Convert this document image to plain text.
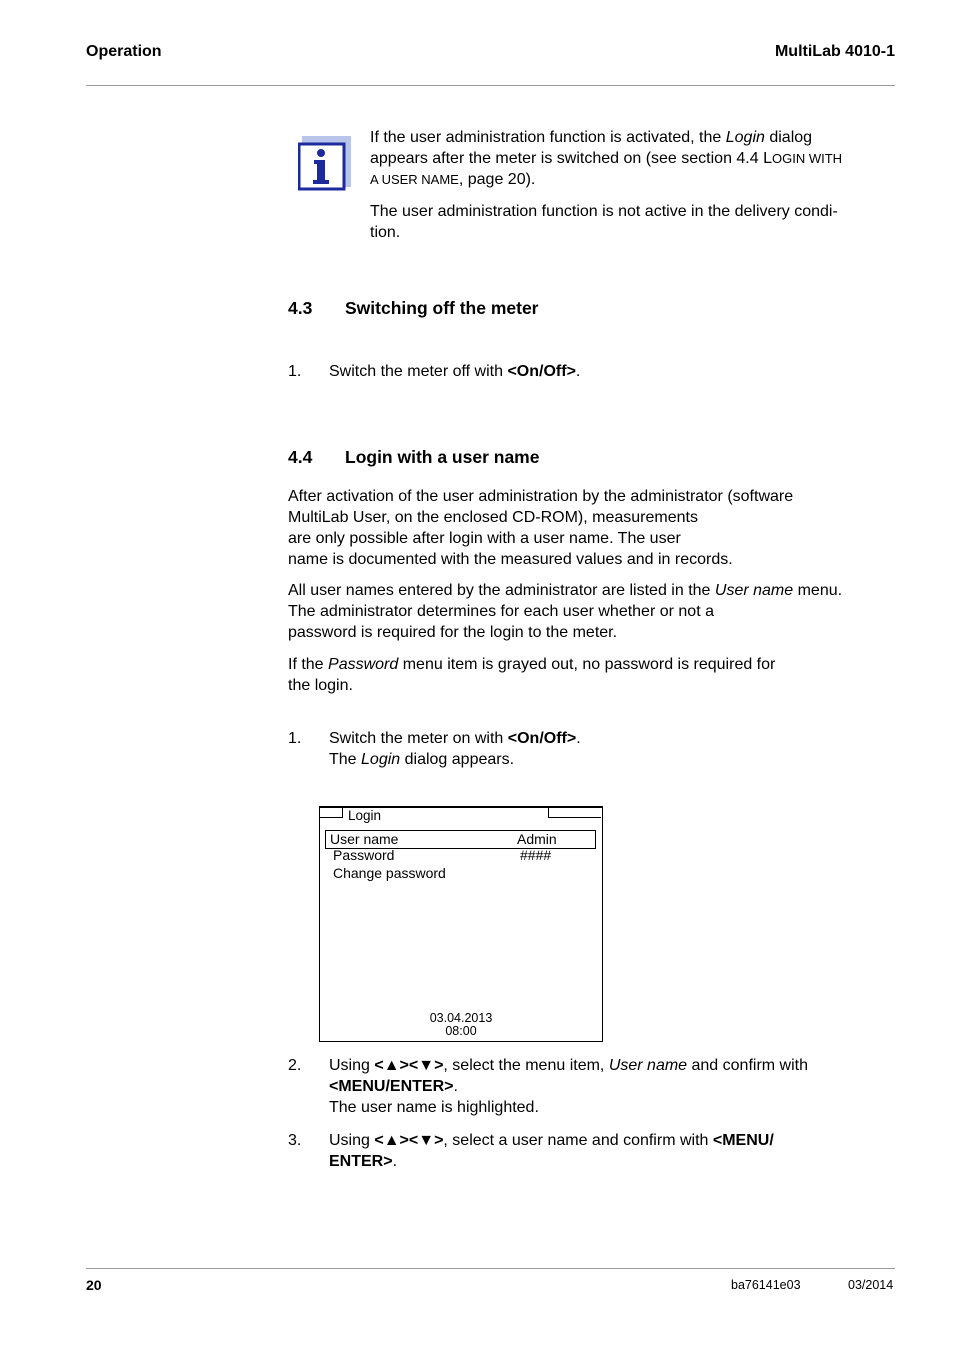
Operation	MultiLab 4010-1
If the user administration function is activated, the Login dialog
appears after the meter is switched on (see section 4.4 LOGIN WITH
A USER NAME, page 20).
The user administration function is not active in the delivery condi-
tion.
4.3 Switching off the meter
1. Switch the meter off with <On/Off>.
4.4 Login with a user name
After activation of the user administration by the administrator (software
MultiLab User, on the enclosed CD-ROM), measurements
are only possible after login with a user name. The user
name is documented with the measured values and in records.
All user names entered by the administrator are listed in the User name menu.
The administrator determines for each user whether or not a
password is required for the login to the meter.
If the Password menu item is grayed out, no password is required for
the login.
1. Switch the meter on with <On/Off>.
The Login dialog appears.
Login
User name	Admin
Password	####
Change password
03.04.2013
08:00
2. Using <▲><▼>, select the menu item, User name and confirm with
<MENU/ENTER>.
The user name is highlighted.
3. Using <▲><▼>, select a user name and confirm with <MENU/
ENTER>.
20	ba76141e03	03/2014
